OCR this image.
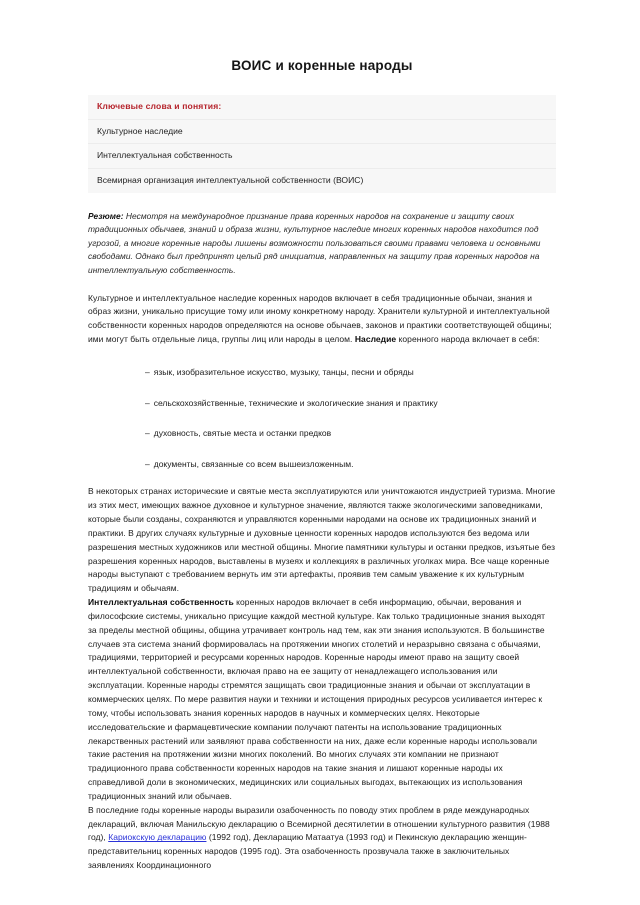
ВОИС и коренные народы
Ключевые слова и понятия:
Культурное наследие
Интеллектуальная собственность
Всемирная организация интеллектуальной собственности (ВОИС)
Резюме: Несмотря на международное признание права коренных народов на сохранение и защиту своих традиционных обычаев, знаний и образа жизни, культурное наследие многих коренных народов находится под угрозой, а многие коренные народы лишены возможности пользоваться своими правами человека и основными свободами. Однако был предпринят целый ряд инициатив, направленных на защиту прав коренных народов на интеллектуальную собственность.

Культурное и интеллектуальное наследие коренных народов включает в себя традиционные обычаи, знания и образ жизни, уникально присущие тому или иному конкретному народу. Хранители культурной и интеллектуальной собственности коренных народов определяются на основе обычаев, законов и практики соответствующей общины; ими могут быть отдельные лица, группы лиц или народы в целом. Наследие коренного народа включает в себя:

– язык, изобразительное искусство, музыку, танцы, песни и обряды
– сельскохозяйственные, технические и экологические знания и практику
– духовность, святые места и останки предков
– документы, связанные со всем вышеизложенным.

В некоторых странах исторические и святые места эксплуатируются или уничтожаются индустрией туризма. Многие из этих мест, имеющих важное духовное и культурное значение, являются также экологическими заповедниками, которые были созданы, сохраняются и управляются коренными народами на основе их традиционных знаний и практики. В других случаях культурные и духовные ценности коренных народов используются без ведома или разрешения местных художников или местной общины. Многие памятники культуры и останки предков, изъятые без разрешения коренных народов, выставлены в музеях и коллекциях в различных уголках мира. Все чаще коренные народы выступают с требованием вернуть им эти артефакты, проявив тем самым уважение к их культурным традициям и обычаям.

Интеллектуальная собственность коренных народов включает в себя информацию, обычаи, верования и философские системы, уникально присущие каждой местной культуре. Как только традиционные знания выходят за пределы местной общины, община утрачивает контроль над тем, как эти знания используются. В большинстве случаев эта система знаний формировалась на протяжении многих столетий и неразрывно связана с обычаями, традициями, территорией и ресурсами коренных народов. Коренные народы имеют право на защиту своей интеллектуальной собственности, включая право на ее защиту от ненадлежащего использования или эксплуатации. Коренные народы стремятся защищать свои традиционные знания и обычаи от эксплуатации в коммерческих целях. По мере развития науки и техники и истощения природных ресурсов усиливается интерес к тому, чтобы использовать знания коренных народов в научных и коммерческих целях. Некоторые исследовательские и фармацевтические компании получают патенты на использование традиционных лекарственных растений или заявляют права собственности на них, даже если коренные народы использовали такие растения на протяжении жизни многих поколений. Во многих случаях эти компании не признают традиционного права собственности коренных народов на такие знания и лишают коренные народы их справедливой доли в экономических, медицинских или социальных выгодах, вытекающих из использования традиционных знаний или обычаев.

В последние годы коренные народы выразили озабоченность по поводу этих проблем в ряде международных деклараций, включая Манильскую декларацию о Всемирной десятилетии в отношении культурного развития (1988 год), Кариокскую декларацию (1992 год), Декларацию Матаатуа (1993 год) и Пекинскую декларацию женщин-представительниц коренных народов (1995 год). Эта озабоченность прозвучала также в заключительных заявлениях Координационного
